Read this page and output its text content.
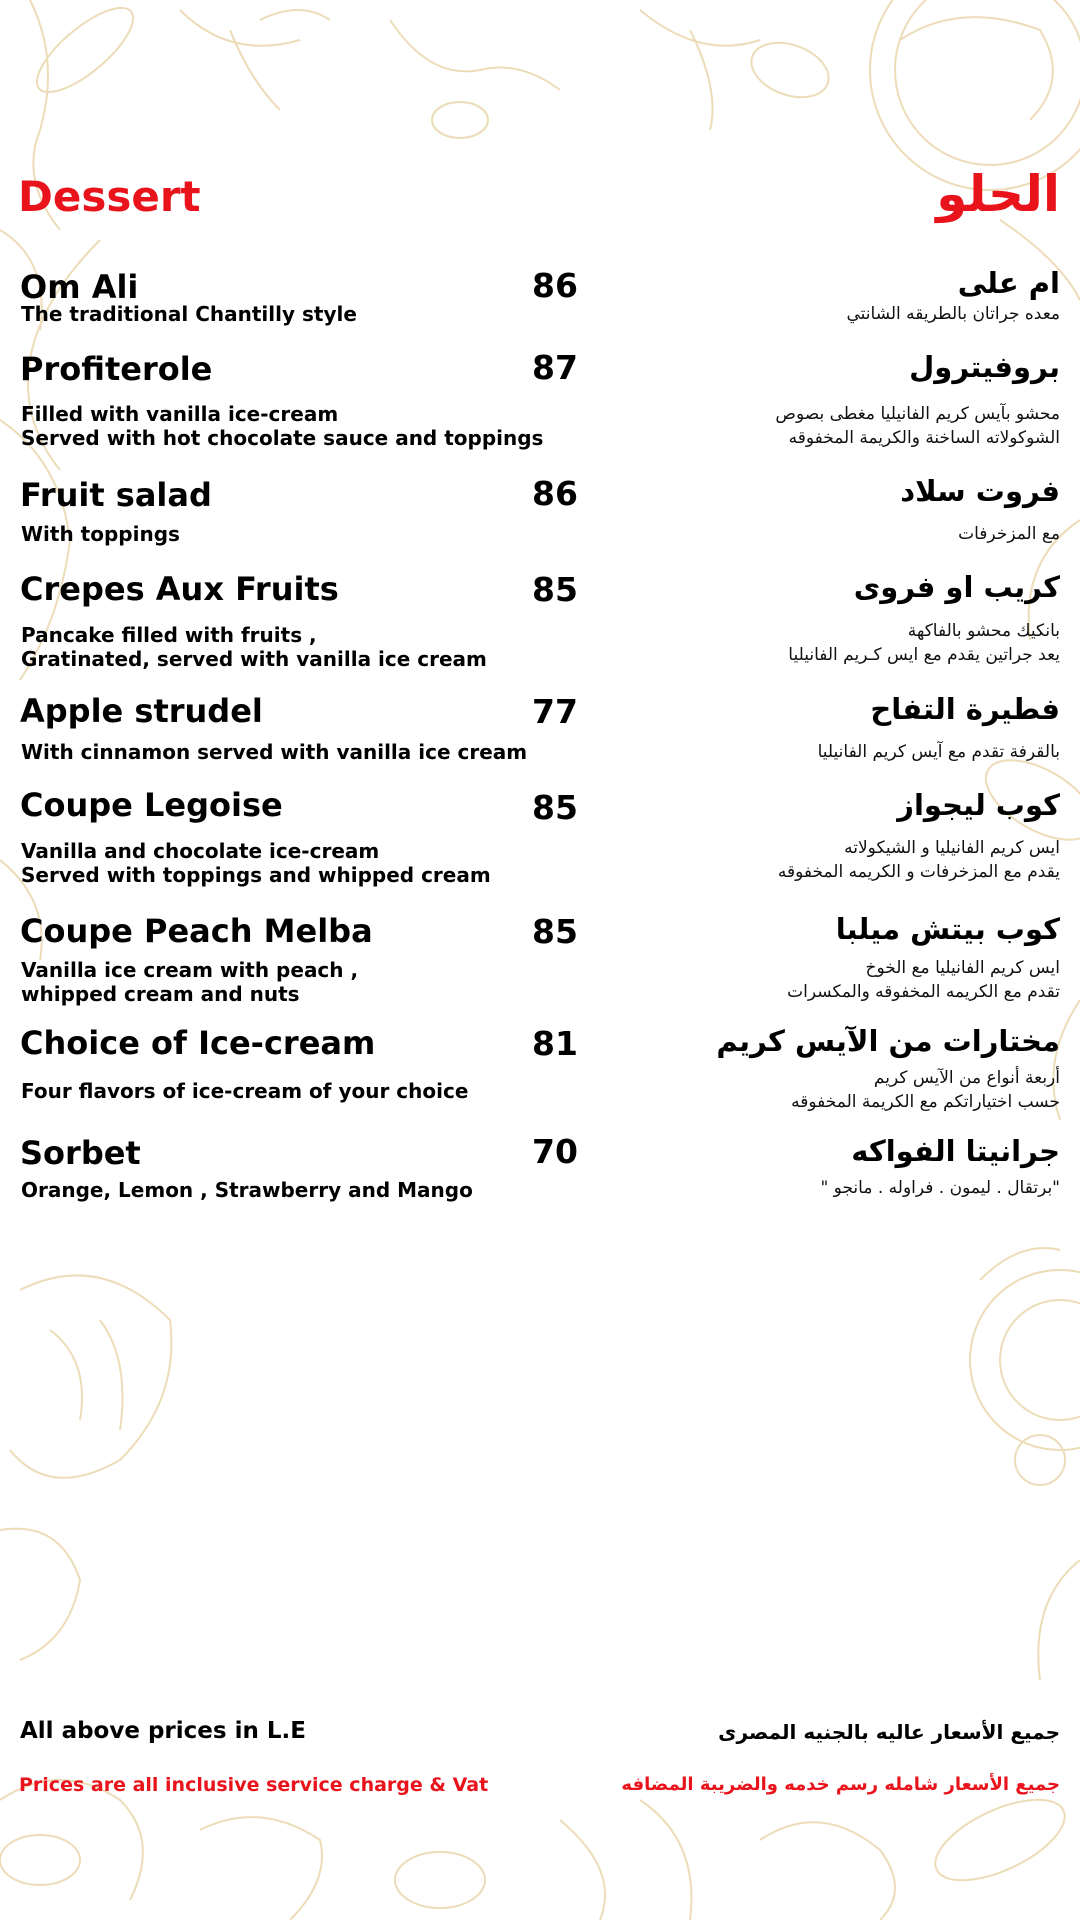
Dessert	الحلو
Om Ali
The traditional Chantilly style
86	ام على
معده جراتان بالطريقه الشانتي
Profiterole
Filled with vanilla ice-cream
Served with hot chocolate sauce and toppings
87	بروفيترول
محشو بآيس كريم الفانيليا مغطى بصوص
الشوكولاته الساخنة والكريمة المخفوقه
Fruit salad
With toppings
86	فروت سلاد
مع المزخرفات
Crepes Aux Fruits
Pancake filled with fruits ,
Gratinated, served with vanilla ice cream
85	كريب او فروى
بانكيك محشو بالفاكهة
يعد جراتين يقدم مع ايس كـريم الفانيليا
Apple strudel
With cinnamon served with vanilla ice cream
77	فطيرة التفاح
بالقرفة تقدم مع آيس كريم الفانيليا
Coupe Legoise
Vanilla and chocolate ice-cream
Served with toppings and whipped cream
85	كوب ليجواز
ايس كريم الفانيليا و الشيكولاته
يقدم مع المزخرفات و الكريمه المخفوقه
Coupe Peach Melba
Vanilla ice cream with peach ,
whipped cream and nuts
85	كوب بيتش ميلبا
ايس كريم الفانيليا مع الخوخ
تقدم مع الكريمه المخفوقه والمكسرات
Choice of Ice-cream
Four flavors of ice-cream of your choice
81	مختارات من الآيس كريم
أربعة أنواع من الآيس كريم
حسب اختياراتكم مع الكريمة المخفوقه
Sorbet
Orange, Lemon , Strawberry and Mango
70	جرانيتا الفواكه
"برتقال . ليمون . فراوله . مانجو "
All above prices in L.E	جميع الأسعار عاليه بالجنيه المصرى
Prices are all inclusive service charge & Vat	جميع الأسعار شامله رسم خدمه والضريبة المضافه
